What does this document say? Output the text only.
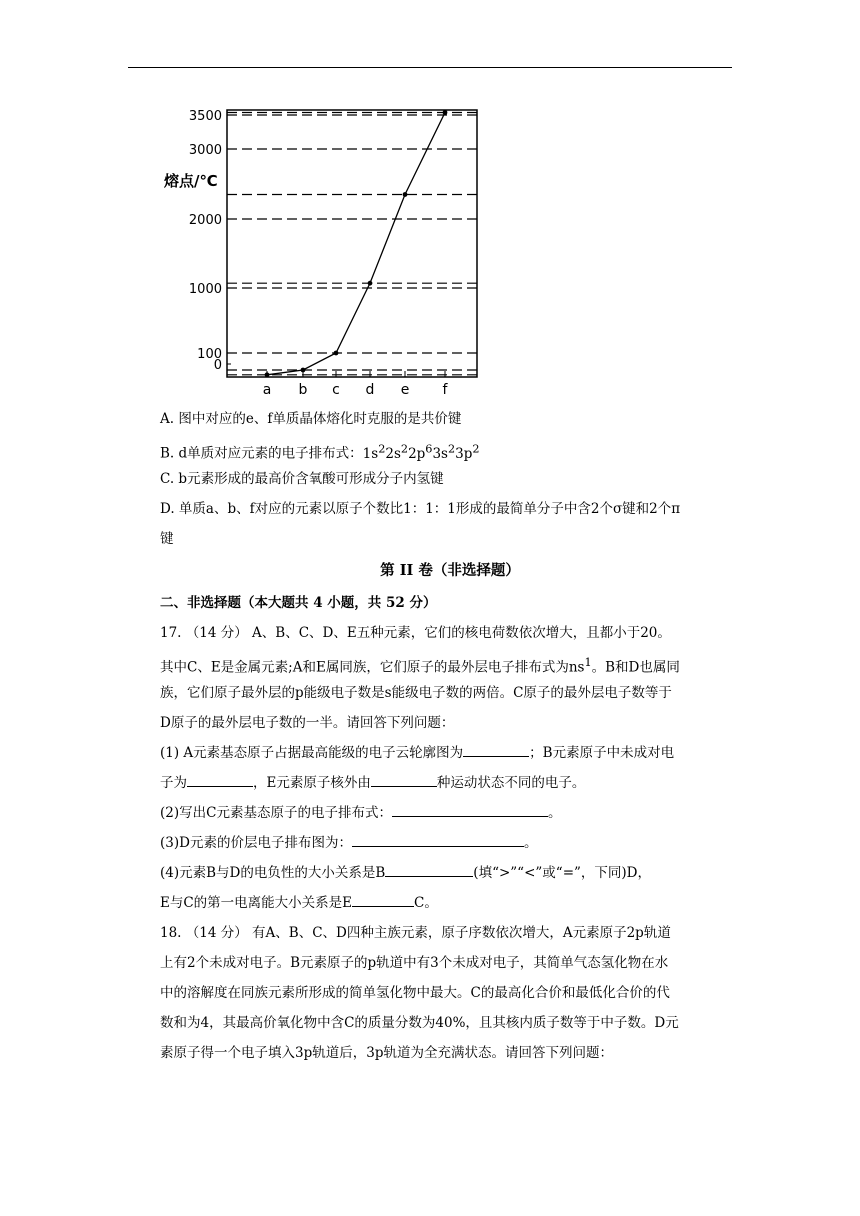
3500
3000
2000
1000
100
0
a b c d e f
熔点/℃
A. 图中对应的e、f单质晶体熔化时克服的是共价键
B. d单质对应元素的电子排布式：$1s^22s^22p^63s^23p^2$
C. b元素形成的最高价含氧酸可形成分子内氢键
D. 单质a、b、f对应的元素以原子个数比1：1：1形成的最简单分子中含2个σ键和2个π
键
第 II 卷（非选择题）
二、非选择题（本大题共 4 小题，共 52 分）
17. （14 分） A、B、C、D、E五种元素，它们的核电荷数依次增大，且都小于20。
其中C、E是金属元素;A和E属同族，它们原子的最外层电子排布式为$ns^1$。B和D也属同
族，它们原子最外层的p能级电子数是s能级电子数的两倍。C原子的最外层电子数等于
D原子的最外层电子数的一半。请回答下列问题：
(1) A元素基态原子占据最高能级的电子云轮廓图为	；B元素原子中未成对电
子为	，E元素原子核外由	种运动状态不同的电子。
(2)写出C元素基态原子的电子排布式：	。
(3)D元素的价层电子排布图为：	。
(4)元素B与D的电负性的大小关系是B	(填“>”“<”或“=”，下同)D，
E与C的第一电离能大小关系是E	C。
18. （14 分） 有A、B、C、D四种主族元素，原子序数依次增大，A元素原子2p轨道
上有2个未成对电子。B元素原子的p轨道中有3个未成对电子，其简单气态氢化物在水
中的溶解度在同族元素所形成的简单氢化物中最大。C的最高化合价和最低化合价的代
数和为4，其最高价氧化物中含C的质量分数为40%，且其核内质子数等于中子数。D元
素原子得一个电子填入3p轨道后，3p轨道为全充满状态。请回答下列问题：
